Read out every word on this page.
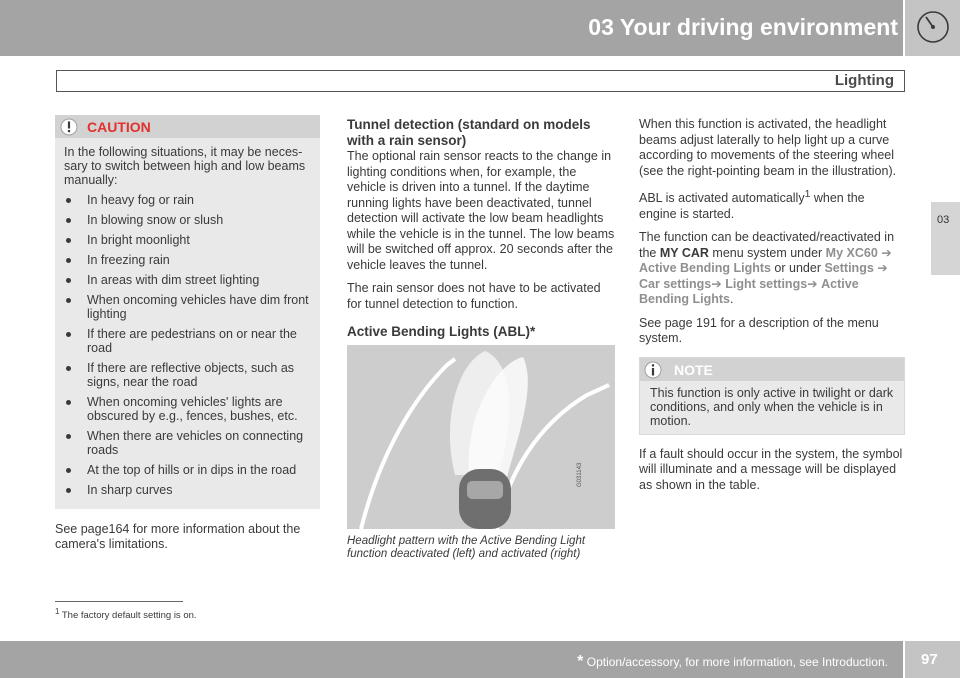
03 Your driving environment
Lighting
03
CAUTION
In the following situations, it may be neces-sary to switch between high and low beams manually:
In heavy fog or rain
In blowing snow or slush
In bright moonlight
In freezing rain
In areas with dim street lighting
When oncoming vehicles have dim front lighting
If there are pedestrians on or near the road
If there are reflective objects, such as signs, near the road
When oncoming vehicles' lights are obscured by e.g., fences, bushes, etc.
When there are vehicles on connecting roads
At the top of hills or in dips in the road
In sharp curves
See page164 for more information about the camera's limitations.
Tunnel detection (standard on models with a rain sensor)
The optional rain sensor reacts to the change in lighting conditions when, for example, the vehicle is driven into a tunnel. If the daytime running lights have been deactivated, tunnel detection will activate the low beam headlights while the vehicle is in the tunnel. The low beams will be switched off approx. 20 seconds after the vehicle leaves the tunnel.
The rain sensor does not have to be activated for tunnel detection to function.
Active Bending Lights (ABL)*
G031143
Headlight pattern with the Active Bending Light function deactivated (left) and activated (right)
When this function is activated, the headlight beams adjust laterally to help light up a curve according to movements of the steering wheel (see the right-pointing beam in the illustration).
ABL is activated automatically$^1$ when the engine is started.
The function can be deactivated/reactivated in the MY CAR menu system under My XC60 ➔ Active Bending Lights or under Settings ➔ Car settings➔ Light settings➔ Active Bending Lights.
See page 191 for a description of the menu system.
NOTE
This function is only active in twilight or dark conditions, and only when the vehicle is in motion.
If a fault should occur in the system, the symbol will illuminate and a message will be displayed as shown in the table.
$^1$ The factory default setting is on.
* Option/accessory, for more information, see Introduction. 97
